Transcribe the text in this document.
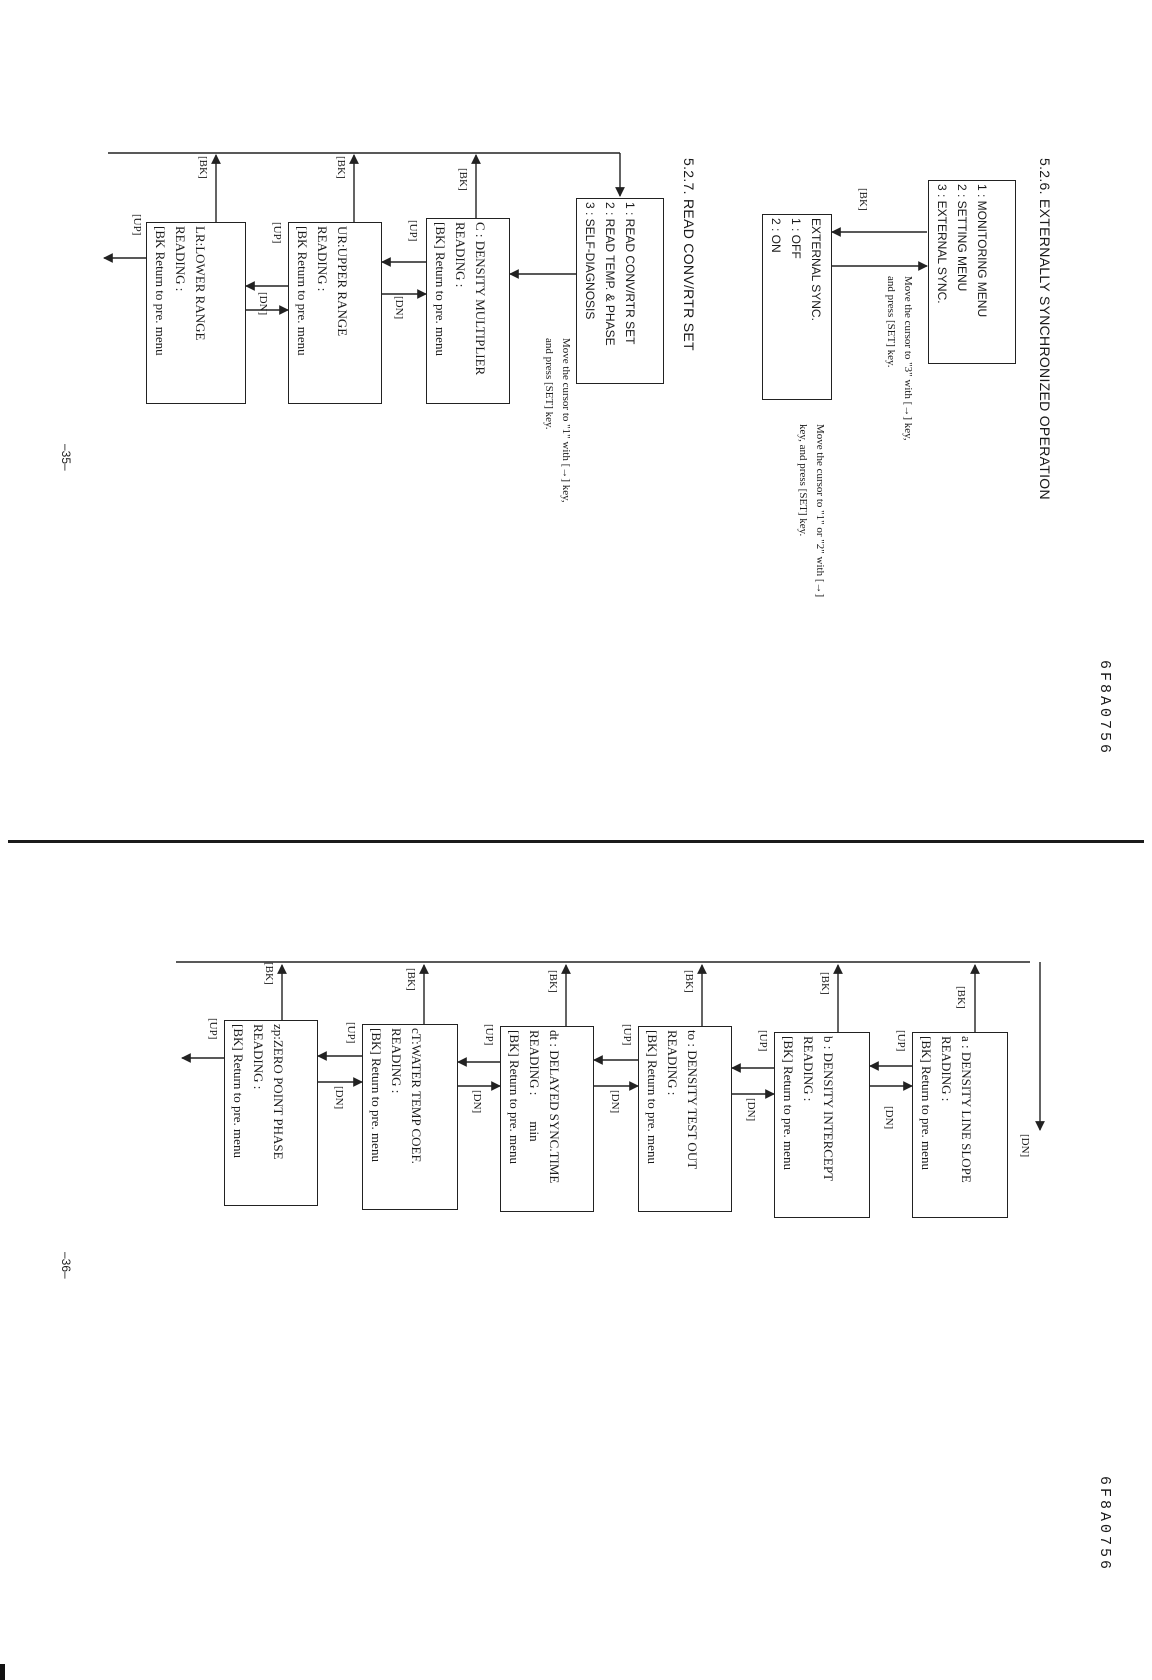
5.2.6. EXTERNALLY SYNCHRONIZED OPERATION
1 : MONITORING MENU
2 : SETTING MENU
3 : EXTERNAL SYNC.
Move the cursor to "3" with [→] key,
and press [SET] key.
[BK]
EXTERNAL SYNC.
1 : OFF
2 : ON
Move the cursor to "1" or "2" with [→]
key, and press [SET] key.
5.2.7. READ CONV/RTR SET
1 : READ CONV/RTR SET
2 : READ TEMP. & PHASE
3 : SELF-DIAGNOSIS
Move the cursor to "1" with [→] key,
and press [SET] key.
C : DENSITY MULTIPLIER
READING :
[BK] Return to pre. menu
UR:UPPER RANGE
READING :
[BK Return to pre. menu
LR:LOWER RANGE
READING :
[BK Return to pre. menu
[BK]
[BK]
[BK]
[UP]
[UP]
[UP]
[DN]
[DN]
6F8A0756
–35–
a : DENSITY LINE SLOPE
READING :
[BK] Return to pre. menu
b : DENSITY INTERCEPT
READING :
[BK] Return to pre. menu
to : DENSITY TEST OUT
READING :
[BK] Return to pre. menu
dt : DELAYED SYNC.TIME
READING :        min
[BK] Return to pre. menu
cT:WATER TEMP COEF.
READING :
[BK] Return to pre. menu
zp:ZERO POINT PHASE
READING :
[BK] Return to pre. menu
[BK]
[BK]
[BK]
[BK]
[BK]
[BK]
[UP]
[UP]
[UP]
[UP]
[UP]
[UP]
[DN]
[DN]
[DN]
[DN]
[DN]
[DN]
6F8A0756
–36–
